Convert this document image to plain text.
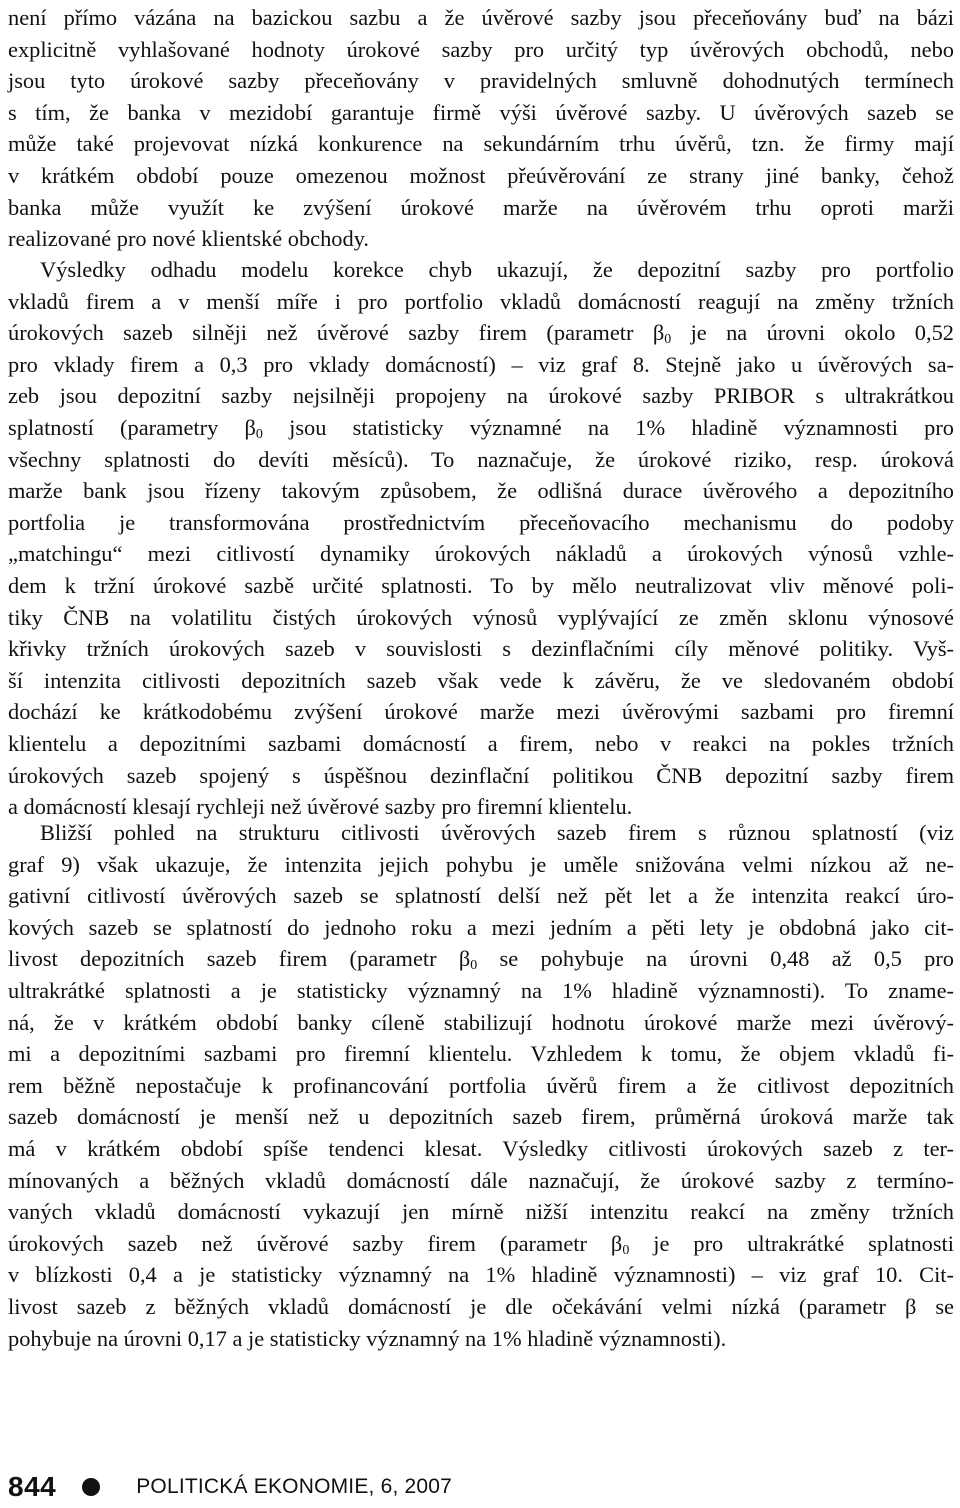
není přímo vázána na bazickou sazbu a že úvěrové sazby jsou přeceňovány buď na bázi
explicitně vyhlašované hodnoty úrokové sazby pro určitý typ úvěrových obchodů, nebo
jsou tyto úrokové sazby přeceňovány v pravidelných smluvně dohodnutých termínech
s tím, že banka v mezidobí garantuje firmě výši úvěrové sazby. U úvěrových sazeb se
může také projevovat nízká konkurence na sekundárním trhu úvěrů, tzn. že firmy mají
v krátkém období pouze omezenou možnost přeúvěrování ze strany jiné banky, čehož
banka může využít ke zvýšení úrokové marže na úvěrovém trhu oproti marži
realizované pro nové klientské obchody.
Výsledky odhadu modelu korekce chyb ukazují, že depozitní sazby pro portfolio
vkladů firem a v menší míře i pro portfolio vkladů domácností reagují na změny tržních
úrokových sazeb silněji než úvěrové sazby firem (parametr $\beta_0$ je na úrovni okolo 0,52
pro vklady firem a 0,3 pro vklady domácností) – viz graf 8. Stejně jako u úvěrových sa-
zeb jsou depozitní sazby nejsilněji propojeny na úrokové sazby PRIBOR s ultrakrátkou
splatností (parametry $\beta_0$ jsou statisticky významné na 1% hladině významnosti pro
všechny splatnosti do devíti měsíců). To naznačuje, že úrokové riziko, resp. úroková
marže bank jsou řízeny takovým způsobem, že odlišná durace úvěrového a depozitního
portfolia je transformována prostřednictvím přeceňovacího mechanismu do podoby
„matchingu“ mezi citlivostí dynamiky úrokových nákladů a úrokových výnosů vzhle-
dem k tržní úrokové sazbě určité splatnosti. To by mělo neutralizovat vliv měnové poli-
tiky ČNB na volatilitu čistých úrokových výnosů vyplývající ze změn sklonu výnosové
křivky tržních úrokových sazeb v souvislosti s dezinflačními cíly měnové politiky. Vyš-
ší intenzita citlivosti depozitních sazeb však vede k závěru, že ve sledovaném období
dochází ke krátkodobému zvýšení úrokové marže mezi úvěrovými sazbami pro firemní
klientelu a depozitními sazbami domácností a firem, nebo v reakci na pokles tržních
úrokových sazeb spojený s úspěšnou dezinflační politikou ČNB depozitní sazby firem
a domácností klesají rychleji než úvěrové sazby pro firemní klientelu.
Bližší pohled na strukturu citlivosti úvěrových sazeb firem s různou splatností (viz
graf 9) však ukazuje, že intenzita jejich pohybu je uměle snižována velmi nízkou až ne-
gativní citlivostí úvěrových sazeb se splatností delší než pět let a že intenzita reakcí úro-
kových sazeb se splatností do jednoho roku a mezi jedním a pěti lety je obdobná jako cit-
livost depozitních sazeb firem (parametr $\beta_0$ se pohybuje na úrovni 0,48 až 0,5 pro
ultrakrátké splatnosti a je statisticky významný na 1% hladině významnosti). To zname-
ná, že v krátkém období banky cíleně stabilizují hodnotu úrokové marže mezi úvěrový-
mi a depozitními sazbami pro firemní klientelu. Vzhledem k tomu, že objem vkladů fi-
rem běžně nepostačuje k profinancování portfolia úvěrů firem a že citlivost depozitních
sazeb domácností je menší než u depozitních sazeb firem, průměrná úroková marže tak
má v krátkém období spíše tendenci klesat. Výsledky citlivosti úrokových sazeb z ter-
mínovaných a běžných vkladů domácností dále naznačují, že úrokové sazby z termíno-
vaných vkladů domácností vykazují jen mírně nižší intenzitu reakcí na změny tržních
úrokových sazeb než úvěrové sazby firem (parametr $\beta_0$ je pro ultrakrátké splatnosti
v blízkosti 0,4 a je statisticky významný na 1% hladině významnosti) – viz graf 10. Cit-
livost sazeb z běžných vkladů domácností je dle očekávání velmi nízká (parametr β se
pohybuje na úrovni 0,17 a je statisticky významný na 1% hladině významnosti).
844	POLITICKÁ EKONOMIE, 6, 2007
